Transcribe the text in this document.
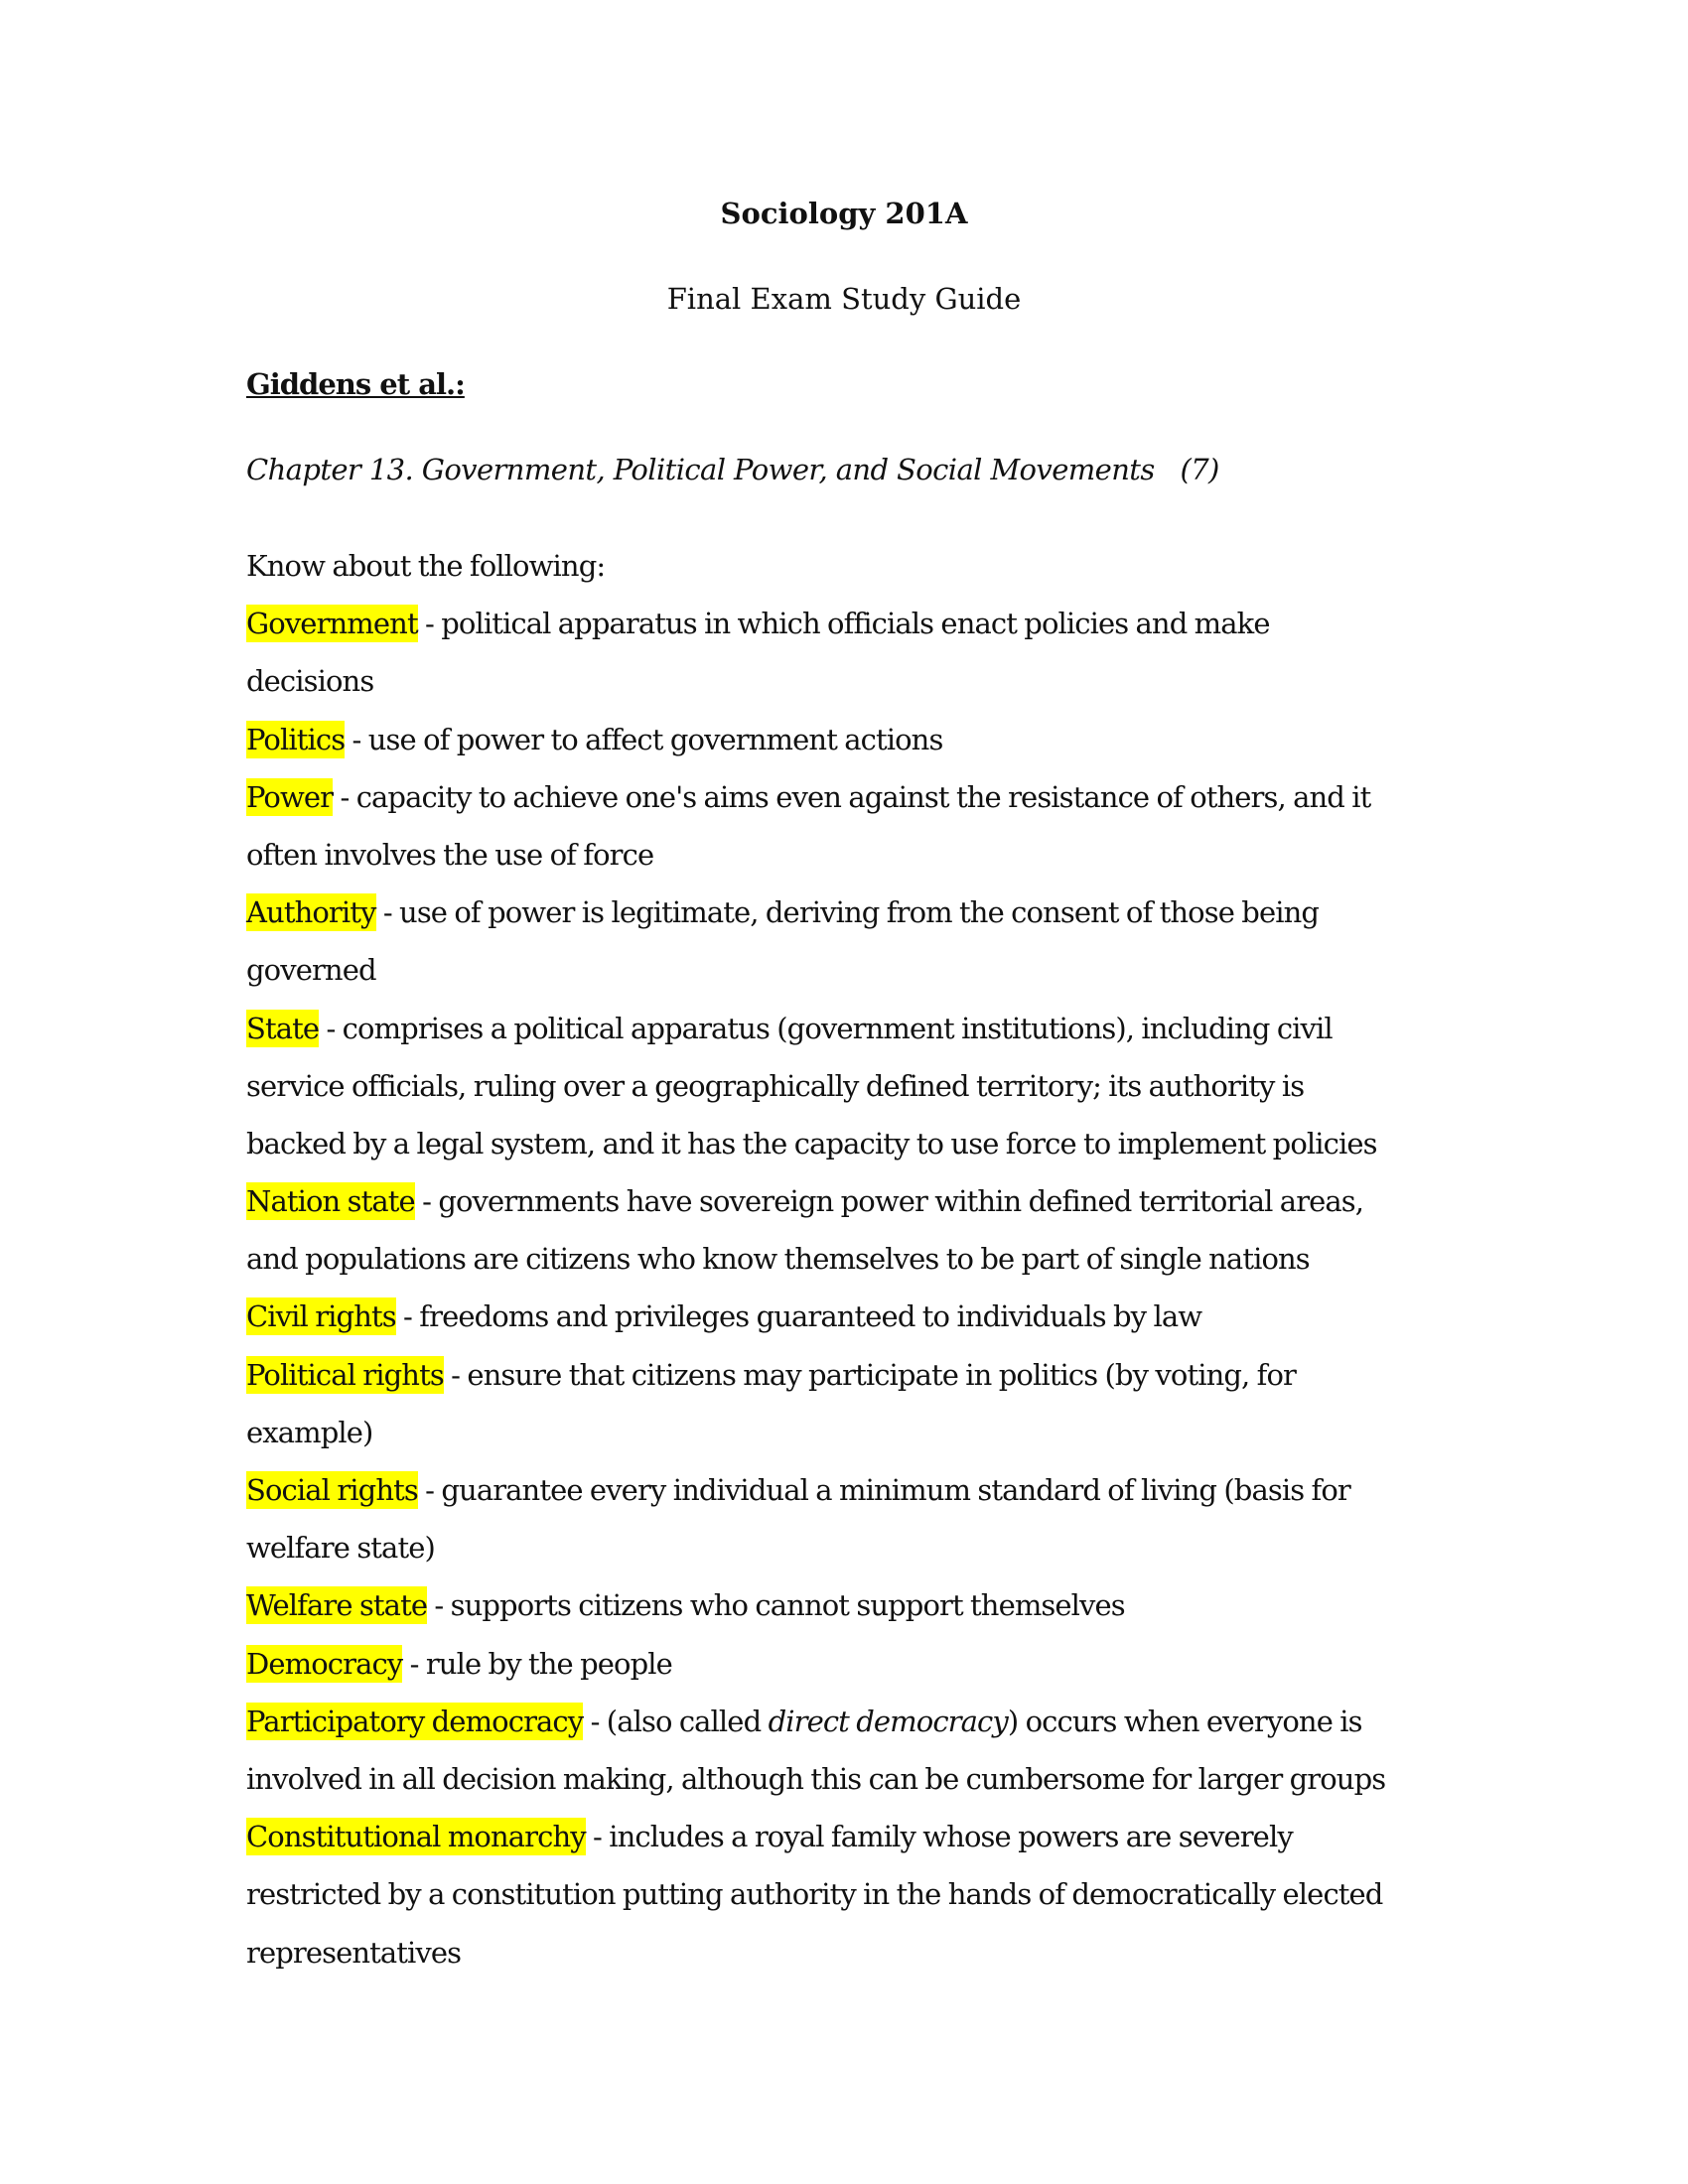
Sociology 201A
Final Exam Study Guide
Giddens et al.:
Chapter 13. Government, Political Power, and Social Movements   (7)
Know about the following:
Government - political apparatus in which officials enact policies and make
decisions
Politics - use of power to affect government actions
Power - capacity to achieve one's aims even against the resistance of others, and it
often involves the use of force
Authority - use of power is legitimate, deriving from the consent of those being
governed
State - comprises a political apparatus (government institutions), including civil
service officials, ruling over a geographically defined territory; its authority is
backed by a legal system, and it has the capacity to use force to implement policies
Nation state - governments have sovereign power within defined territorial areas,
and populations are citizens who know themselves to be part of single nations
Civil rights - freedoms and privileges guaranteed to individuals by law
Political rights - ensure that citizens may participate in politics (by voting, for
example)
Social rights - guarantee every individual a minimum standard of living (basis for
welfare state)
Welfare state - supports citizens who cannot support themselves
Democracy - rule by the people
Participatory democracy - (also called direct democracy) occurs when everyone is
involved in all decision making, although this can be cumbersome for larger groups
Constitutional monarchy - includes a royal family whose powers are severely
restricted by a constitution putting authority in the hands of democratically elected
representatives
